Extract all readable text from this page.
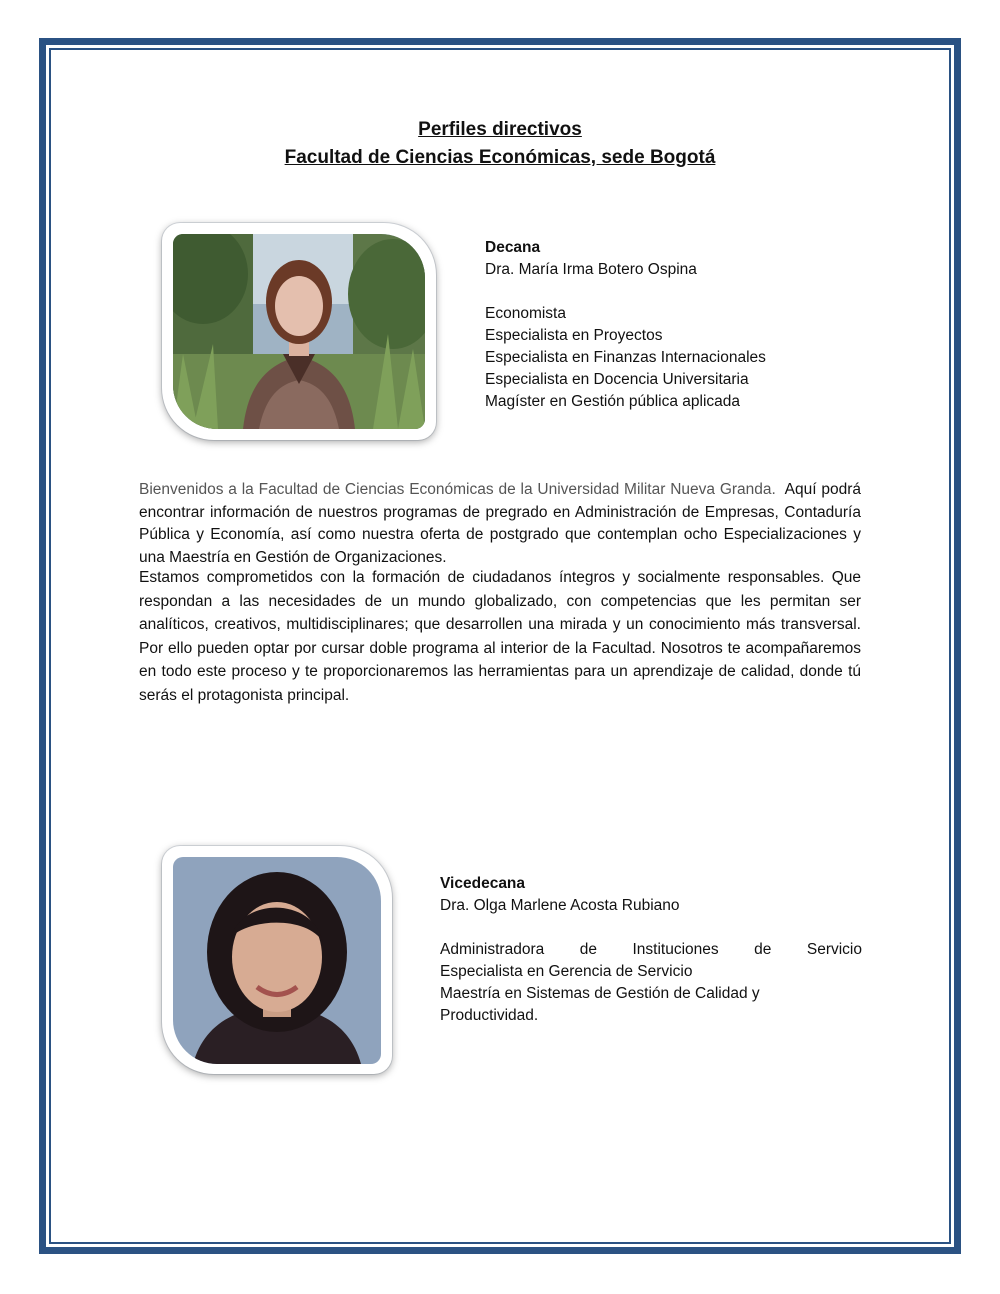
Perfiles directivos
Facultad de Ciencias Económicas, sede Bogotá
Decana
Dra. María Irma Botero Ospina
Economista
Especialista en Proyectos
Especialista en Finanzas Internacionales
Especialista en Docencia Universitaria
Magíster en Gestión pública aplicada
Bienvenidos a la Facultad de Ciencias Económicas de la Universidad Militar Nueva Granda. Aquí podrá encontrar información de nuestros programas de pregrado en Administración de Empresas, Contaduría Pública y Economía, así como nuestra oferta de postgrado que contemplan ocho Especializaciones y una Maestría en Gestión de Organizaciones.
Estamos comprometidos con la formación de ciudadanos íntegros y socialmente responsables. Que respondan a las necesidades de un mundo globalizado, con competencias que les permitan ser analíticos, creativos, multidisciplinares; que desarrollen una mirada y un conocimiento más transversal. Por ello pueden optar por cursar doble programa al interior de la Facultad. Nosotros te acompañaremos en todo este proceso y te proporcionaremos las herramientas para un aprendizaje de calidad, donde tú serás el protagonista principal.
Vicedecana
Dra. Olga Marlene Acosta Rubiano
Administradora de Instituciones de Servicio
Especialista en Gerencia de Servicio
Maestría en Sistemas de Gestión de Calidad y
Productividad.
